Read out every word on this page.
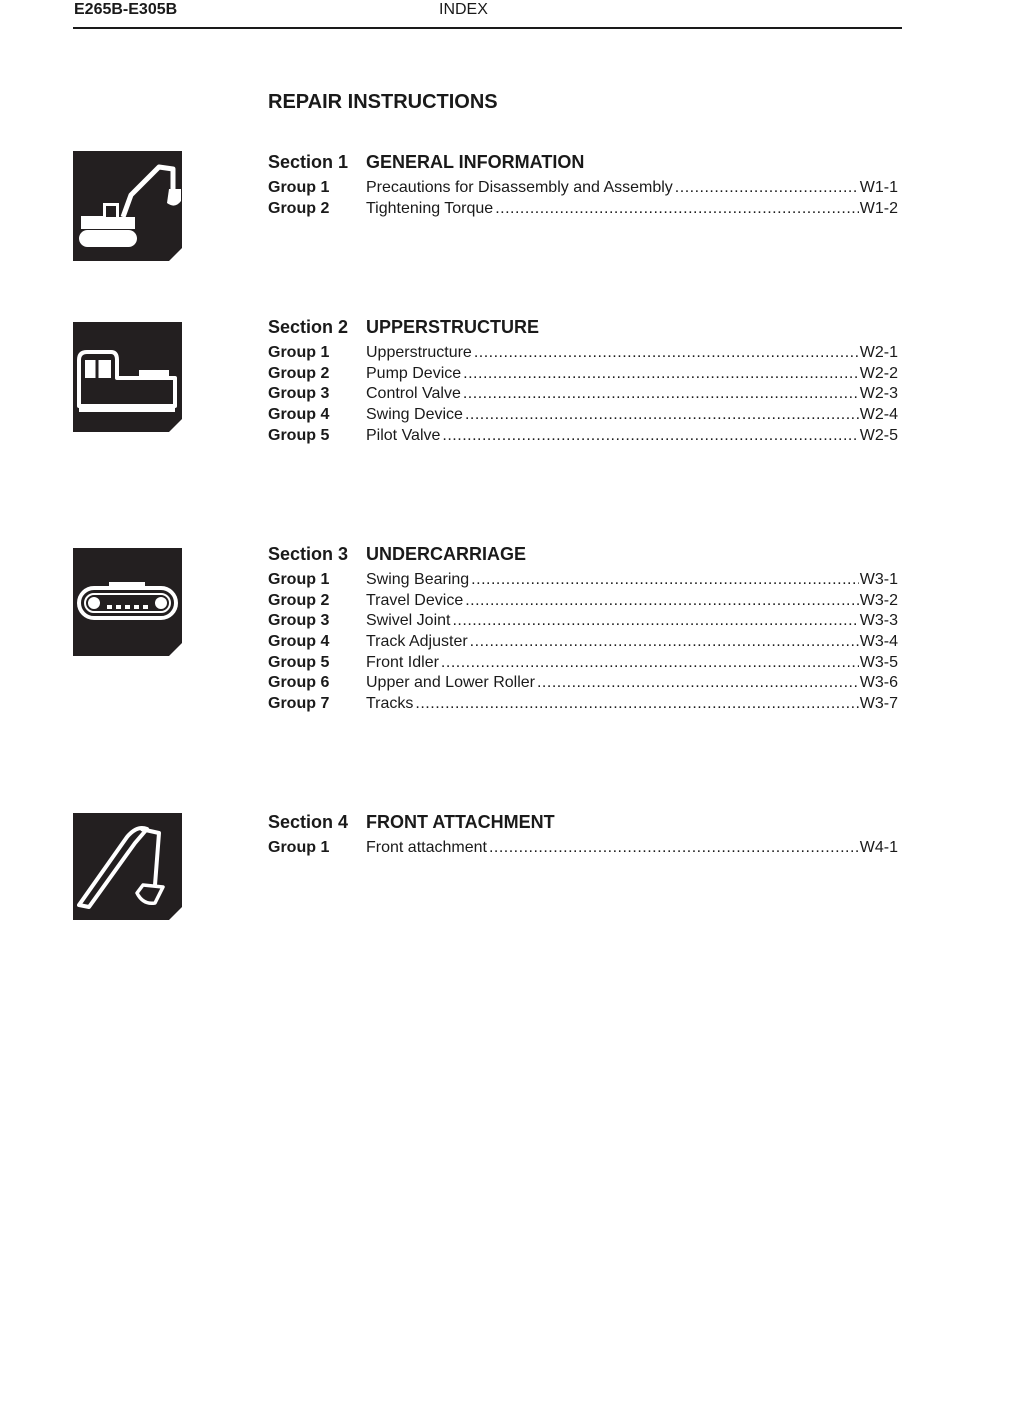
E265B-E305B	INDEX
REPAIR INSTRUCTIONS
Section 1 GENERAL INFORMATION
Group 1 Precautions for Disassembly and Assembly .....	W1-1
Group 2 Tightening Torque .....	W1-2
Section 2 UPPERSTRUCTURE
Group 1 Upperstructure .....	W2-1
Group 2 Pump Device .....	W2-2
Group 3 Control Valve .....	W2-3
Group 4 Swing Device .....	W2-4
Group 5 Pilot Valve .....	W2-5
Section 3 UNDERCARRIAGE
Group 1 Swing Bearing .....	W3-1
Group 2 Travel Device .....	W3-2
Group 3 Swivel Joint .....	W3-3
Group 4 Track Adjuster .....	W3-4
Group 5 Front Idler .....	W3-5
Group 6 Upper and Lower Roller .....	W3-6
Group 7 Tracks .....	W3-7
Section 4 FRONT ATTACHMENT
Group 1 Front attachment .....	W4-1
